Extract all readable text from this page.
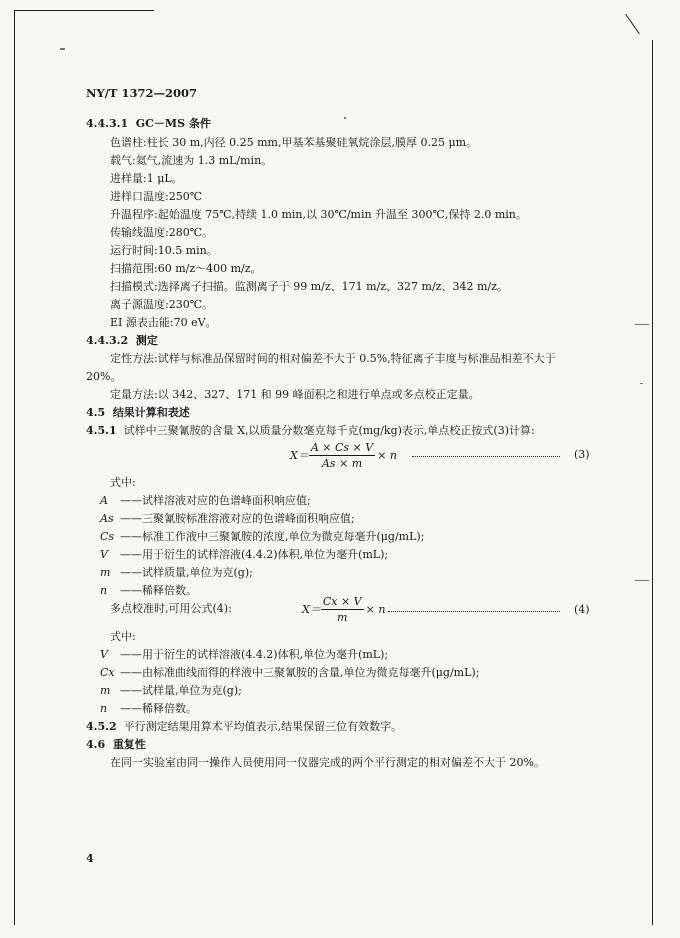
NY/T 1372—2007
4.4.3.1 GC－MS 条件
色谱柱:柱长 30 m,内径 0.25 mm,甲基苯基聚硅氧烷涂层,膜厚 0.25 μm。
载气:氦气,流速为 1.3 mL/min。
进样量:1 μL。
进样口温度:250℃
升温程序:起始温度 75℃,持续 1.0 min,以 30℃/min 升温至 300℃,保持 2.0 min。
传输线温度:280℃。
运行时间:10.5 min。
扫描范围:60 m/z～400 m/z。
扫描模式:选择离子扫描。监测离子于 99 m/z、171 m/z、327 m/z、342 m/z。
离子源温度:230℃。
EI 源表击能:70 eV。
4.4.3.2 测定
定性方法:试样与标准品保留时间的相对偏差不大于 0.5%,特征离子丰度与标准品相差不大于
20%。
定量方法:以 342、327、171 和 99 峰面积之和进行单点或多点校正定量。
4.5 结果计算和表述
4.5.1 试样中三聚氰胺的含量 X,以质量分数毫克每千克(mg/kg)表示,单点校正按式(3)计算:
$X= \frac{A \times Cs \times V}{As \times m} \times n$	(3)
式中:
A ——试样溶液对应的色谱峰面积响应值;
As ——三聚氰胺标准溶液对应的色谱峰面积响应值;
Cs ——标准工作液中三聚氰胺的浓度,单位为微克每毫升(μg/mL);
V ——用于衍生的试样溶液(4.4.2)体积,单位为毫升(mL);
m ——试样质量,单位为克(g);
n ——稀释倍数。
多点校准时,可用公式(4):	$X= \frac{Cx \times V}{m} \times n$	(4)
式中:
V ——用于衍生的试样溶液(4.4.2)体积,单位为毫升(mL);
Cx ——由标准曲线而得的样液中三聚氰胺的含量,单位为微克每毫升(μg/mL);
m ——试样量,单位为克(g);
n ——稀释倍数。
4.5.2 平行测定结果用算术平均值表示,结果保留三位有效数字。
4.6 重复性
在同一实验室由同一操作人员使用同一仪器完成的两个平行测定的相对偏差不大于 20%。
4
